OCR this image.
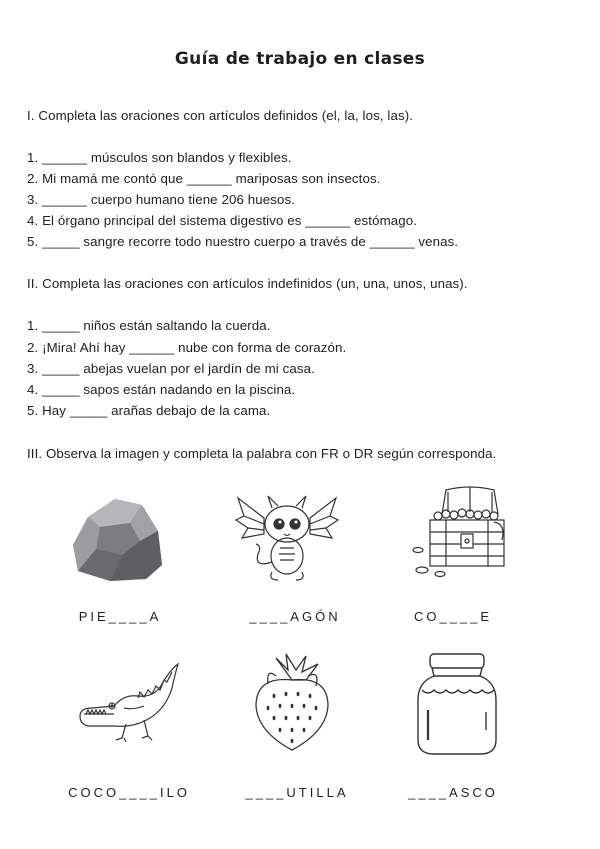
Guía de trabajo en clases
I. Completa las oraciones con artículos definidos (el, la, los, las).
1. ______ músculos son blandos y flexibles.
2. Mi mamá me contó que ______ mariposas son insectos.
3. ______ cuerpo humano tiene 206 huesos.
4. El órgano principal del sistema digestivo es ______ estómago.
5. _____ sangre recorre todo nuestro cuerpo a través de ______ venas.
II. Completa las oraciones con artículos indefinidos (un, una, unos, unas).
1. _____ niños están saltando la cuerda.
2. ¡Mira! Ahí hay ______ nube con forma de corazón.
3. _____ abejas vuelan por el jardín de mi casa.
4. _____ sapos están nadando en la piscina.
5. Hay _____ arañas debajo de la cama.
III. Observa la imagen y completa la palabra con FR o DR según corresponda.
PIE____A	____AGÓN	CO____E
COCO____ILO	____UTILLA	____ASCO
